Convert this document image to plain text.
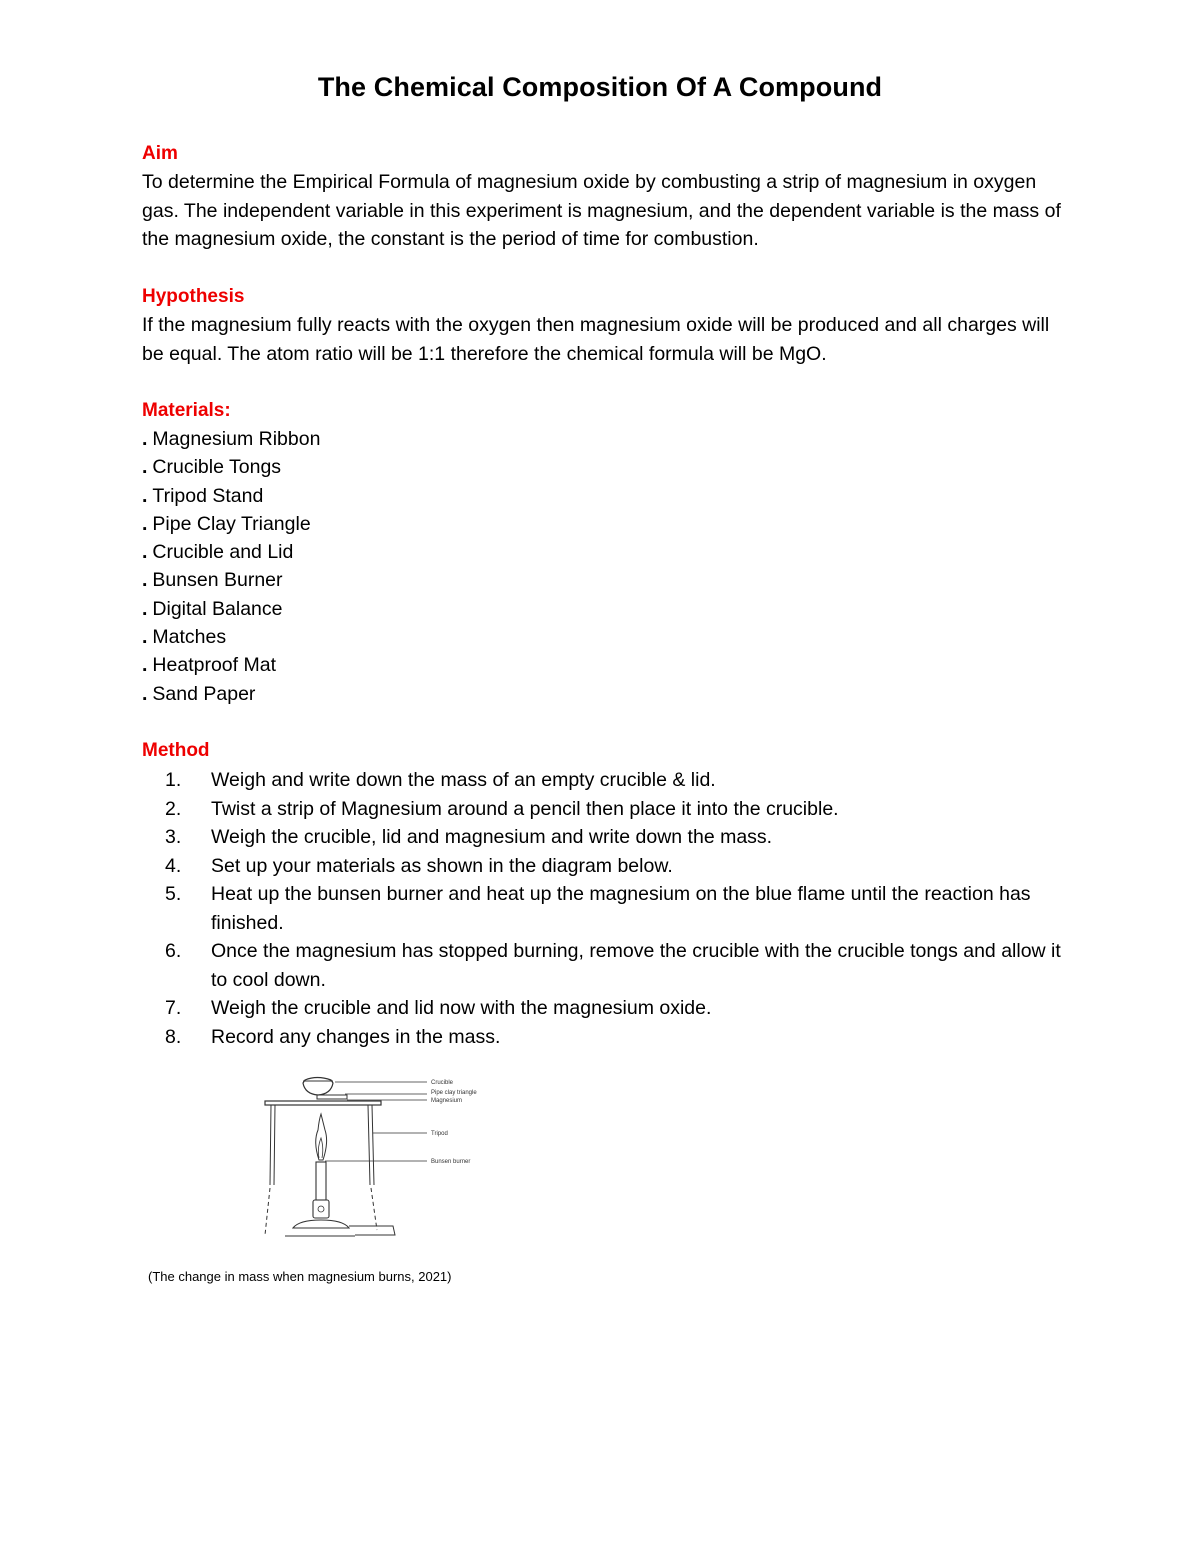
The Chemical Composition Of A Compound
Aim
To determine the Empirical Formula of magnesium oxide by combusting a strip of magnesium in oxygen gas. The independent variable in this experiment is magnesium, and the dependent variable is the mass of the magnesium oxide, the constant is the period of time for combustion.
Hypothesis
If the magnesium fully reacts with the oxygen then magnesium oxide will be produced and all charges will be equal. The atom ratio will be 1:1 therefore the chemical formula will be MgO.
Materials:
. Magnesium Ribbon
. Crucible Tongs
. Tripod Stand
. Pipe Clay Triangle
. Crucible and Lid
. Bunsen Burner
. Digital Balance
. Matches
. Heatproof Mat
. Sand Paper
Method
1.	Weigh and write down the mass of an empty crucible & lid.
2.	Twist a strip of Magnesium around a pencil then place it into the crucible.
3.	Weigh the crucible, lid and magnesium and write down the mass.
4.	Set up your materials as shown in the diagram below.
5.	Heat up the bunsen burner and heat up the magnesium on the blue flame until the reaction has finished.
6.	Once the magnesium has stopped burning, remove the crucible with the crucible tongs and allow it to cool down.
7.	Weigh the crucible and lid now with the magnesium oxide.
8.	Record any changes in the mass.
Crucible
Pipe clay triangle
Magnesium
Tripod
Bunsen burner
(The change in mass when magnesium burns, 2021)
